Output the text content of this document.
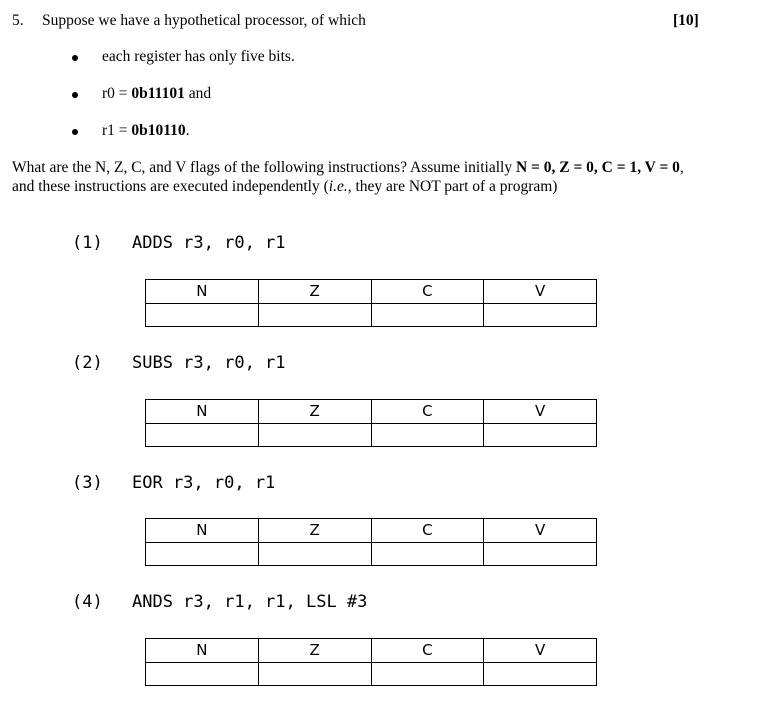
5. Suppose we have a hypothetical processor, of which	[10]
each register has only five bits.
r0 = 0b11101 and
r1 = 0b10110.
What are the N, Z, C, and V flags of the following instructions? Assume initially N = 0, Z = 0, C = 1, V = 0,
and these instructions are executed independently (i.e., they are NOT part of a program)
(1) ADDS r3, r0, r1
N	Z	C	V

(2) SUBS r3, r0, r1
N	Z	C	V

(3) EOR r3, r0, r1
N	Z	C	V

(4) ANDS r3, r1, r1, LSL #3
N	Z	C	V
